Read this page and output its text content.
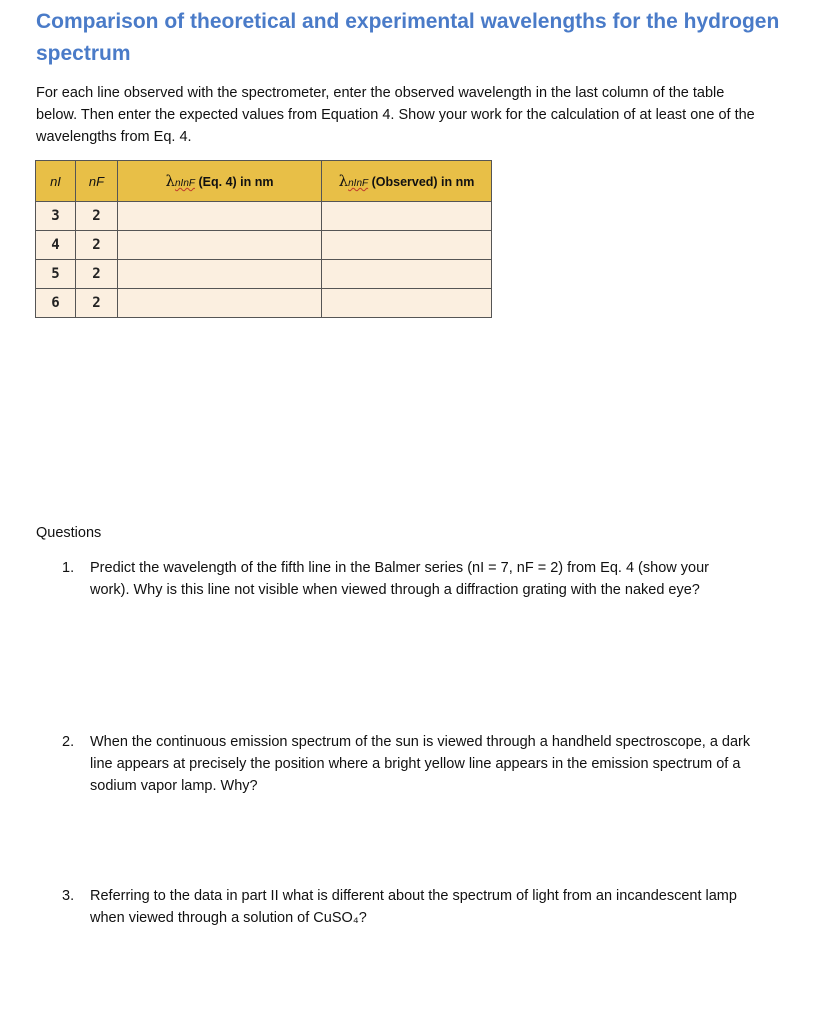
Comparison of theoretical and experimental wavelengths for the hydrogen spectrum

For each line observed with the spectrometer, enter the observed wavelength in the last column of the table below. Then enter the expected values from Equation 4. Show your work for the calculation of at least one of the wavelengths from Eq. 4.

nI	nF	λnInF (Eq. 4) in nm	λnInF (Observed) in nm
3	2		
4	2		
5	2		
6	2		

Questions

1.	Predict the wavelength of the fifth line in the Balmer series (nI = 7, nF = 2) from Eq. 4 (show your work). Why is this line not visible when viewed through a diffraction grating with the naked eye?
2.	When the continuous emission spectrum of the sun is viewed through a handheld spectroscope, a dark line appears at precisely the position where a bright yellow line appears in the emission spectrum of a sodium vapor lamp. Why?
3.	Referring to the data in part II what is different about the spectrum of light from an incandescent lamp when viewed through a solution of CuSO₄?
